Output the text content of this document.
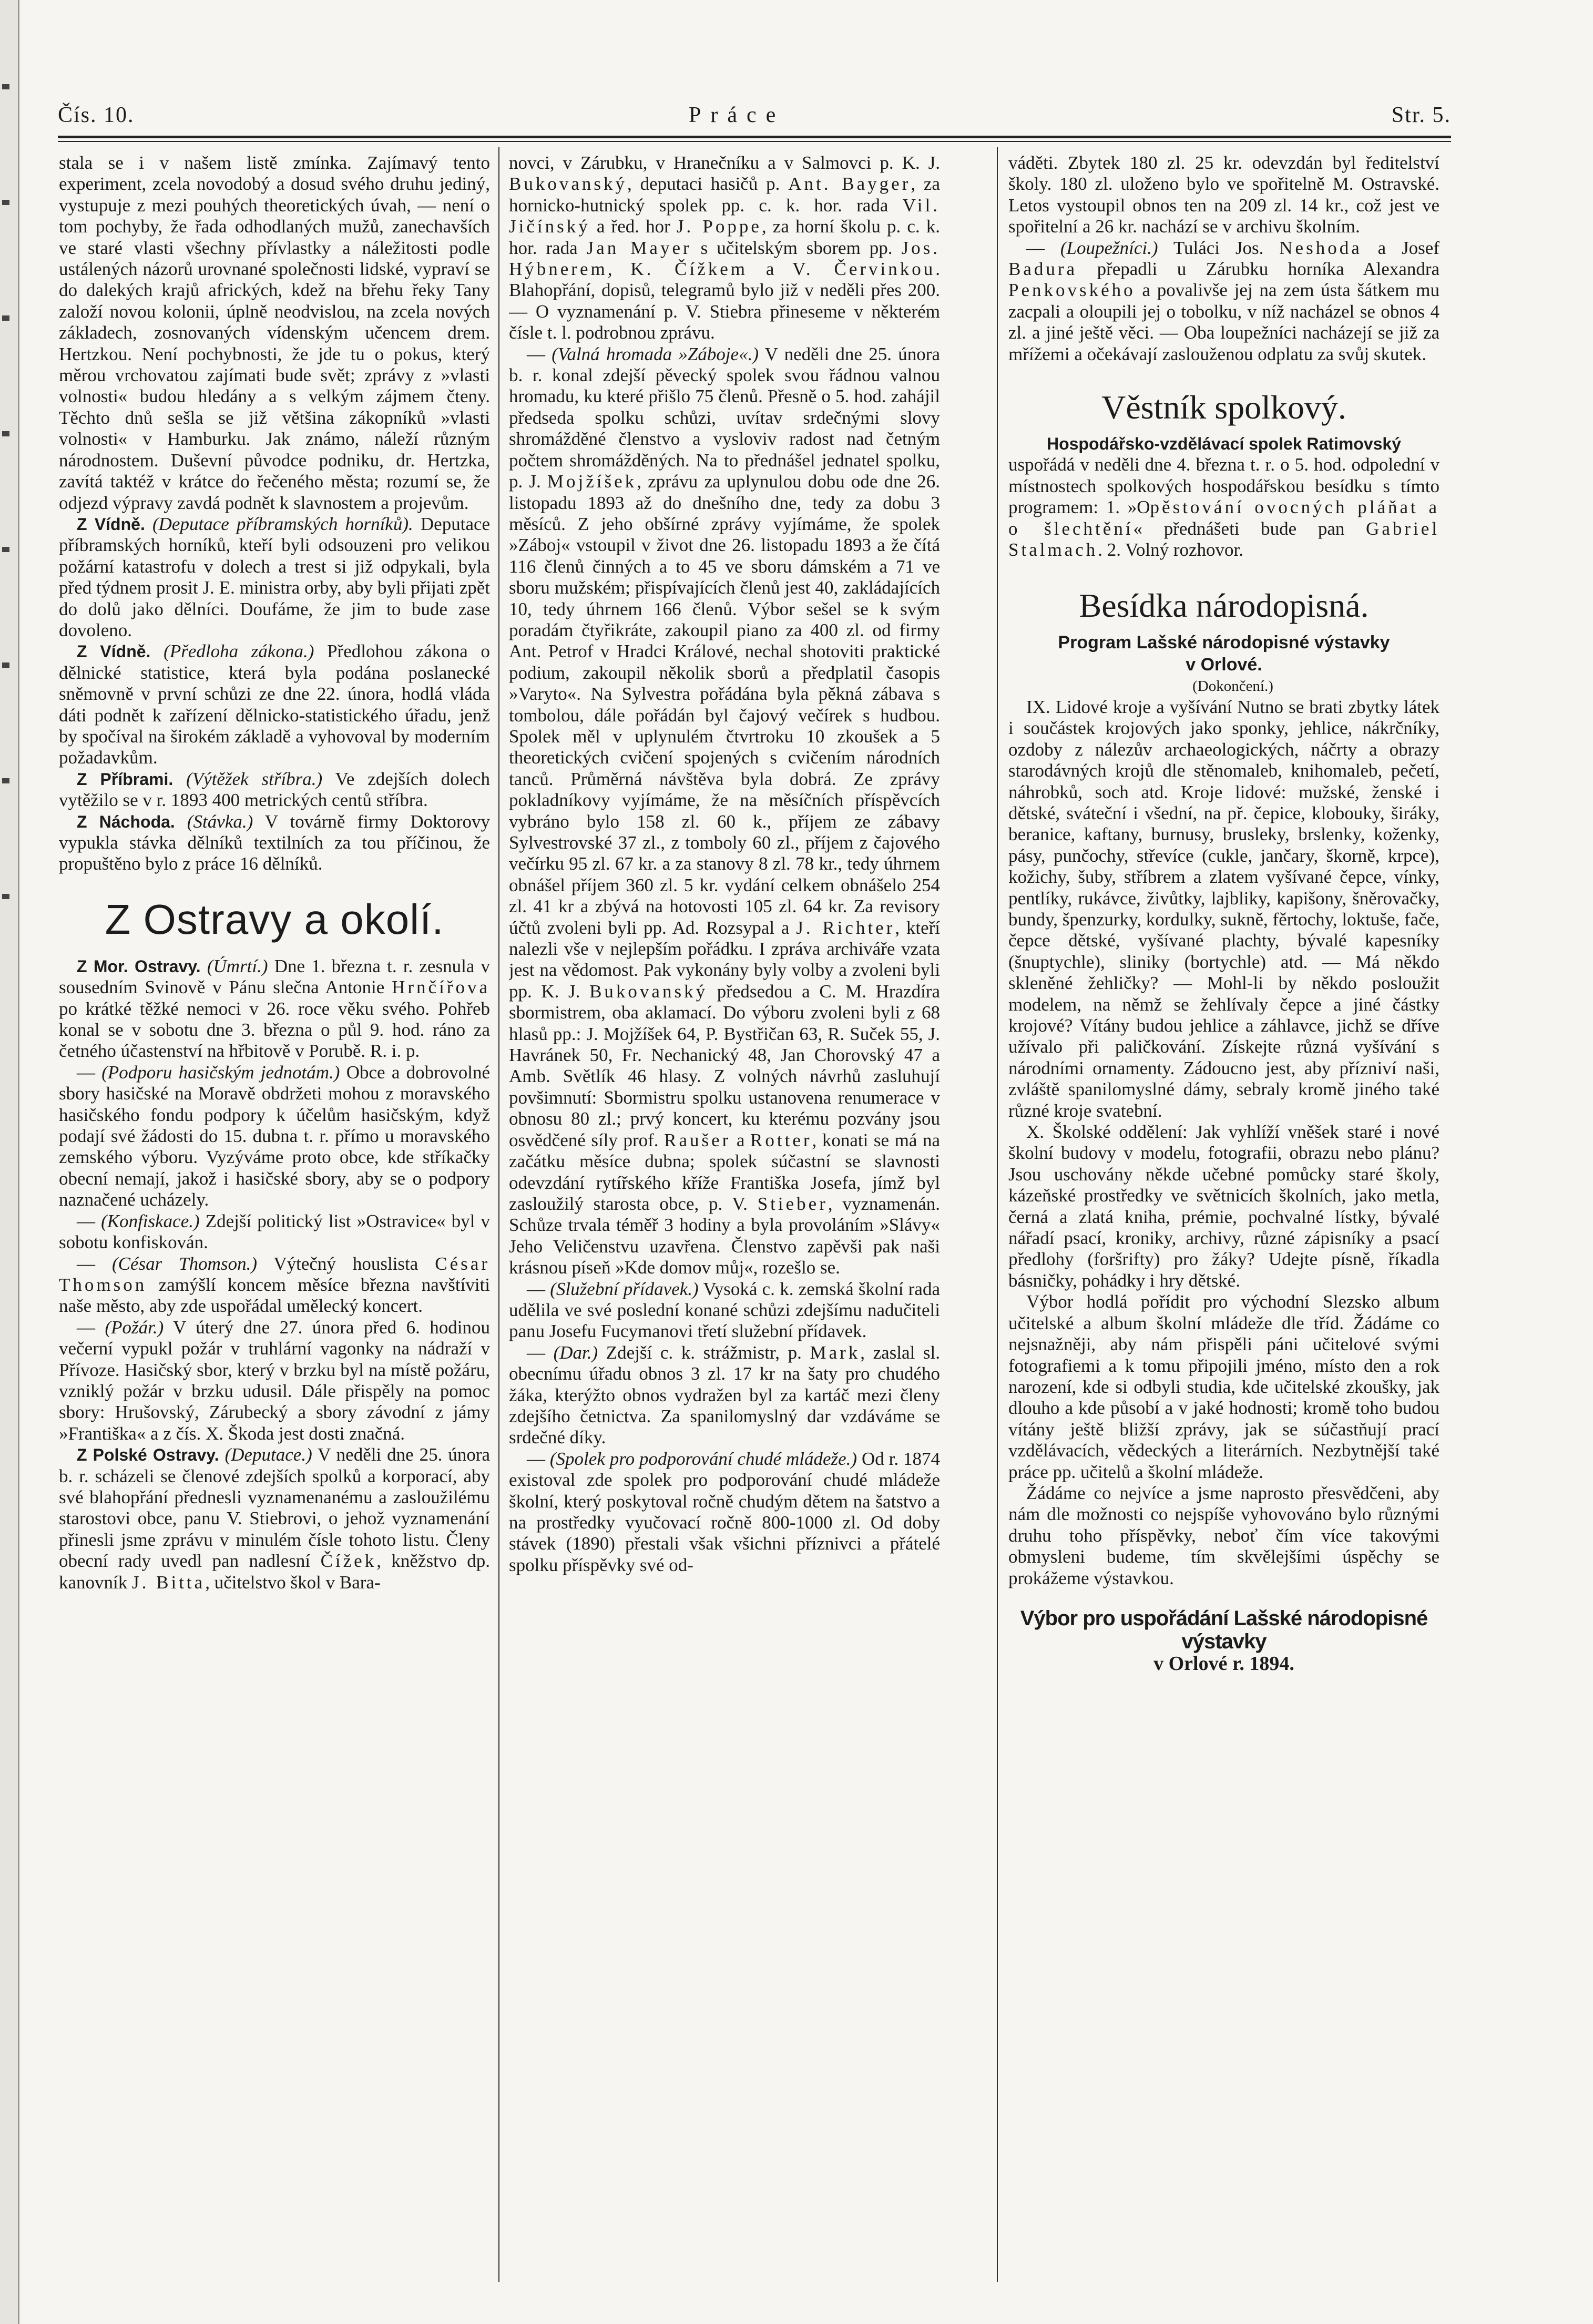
Čís. 10.	Práce	Str. 5.

stala se i v našem listě zmínka. Zajímavý tento experiment, zcela novodobý a dosud svého druhu jediný, vystupuje z mezi pouhých theoretických úvah, — není o tom pochyby, že řada odhodlaných mužů, zanechavších ve staré vlasti všechny přívlastky a náležitosti podle ustálených názorů urovnané společnosti lidské, vypraví se do dalekých krajů afrických, kdež na břehu řeky Tany založí novou kolonii, úplně neodvislou, na zcela nových základech, zosnovaných vídenským učencem drem. Hertzkou. Není pochybnosti, že jde tu o pokus, který měrou vrchovatou zajímati bude svět; zprávy z »vlasti volnosti« budou hledány a s velkým zájmem čteny. Těchto dnů sešla se již většina zákopníků »vlasti volnosti« v Hamburku. Jak známo, náleží různým národnostem. Duševní původce podniku, dr. Hertzka, zavítá taktéž v krátce do řečeného města; rozumí se, že odjezd výpravy zavdá podnět k slavnostem a projevům.

Z Vídně. (Deputace příbramských horníků). Deputace příbramských horníků, kteří byli odsouzeni pro velikou požární katastrofu v dolech a trest si již odpykali, byla před týdnem prosit J. E. ministra orby, aby byli přijati zpět do dolů jako dělníci. Doufáme, že jim to bude zase dovoleno.

Z Vídně. (Předloha zákona.) Předlohou zákona o dělnické statistice, která byla podána poslanecké sněmovně v první schůzi ze dne 22. února, hodlá vláda dáti podnět k zařízení dělnicko-statistického úřadu, jenž by spočíval na širokém základě a vyhovoval by moderním požadavkům.

Z Příbrami. (Výtěžek stříbra.) Ve zdejších dolech vytěžilo se v r. 1893 400 metrických centů stříbra.

Z Náchoda. (Stávka.) V továrně firmy Doktorovy vypukla stávka dělníků textilních za tou příčinou, že propuštěno bylo z práce 16 dělníků.

Z Ostravy a okolí.

Z Mor. Ostravy. (Úmrtí.) Dne 1. března t. r. zesnula v sousedním Svinově v Pánu slečna Antonie Hrnčířova po krátké těžké nemoci v 26. roce věku svého. Pohřeb konal se v sobotu dne 3. března o půl 9. hod. ráno za četného účastenství na hřbitově v Porubě. R. i. p.

— (Podporu hasičským jednotám.) Obce a dobrovolné sbory hasičské na Moravě obdržeti mohou z moravského hasičského fondu podpory k účelům hasičským, když podají své žádosti do 15. dubna t. r. přímo u moravského zemského výboru. Vyzýváme proto obce, kde stříkačky obecní nemají, jakož i hasičské sbory, aby se o podpory naznačené ucházely.

— (Konfiskace.) Zdejší politický list »Ostravice« byl v sobotu konfiskován.

— (César Thomson.) Výtečný houslista César Thomson zamýšlí koncem měsíce března navštíviti naše město, aby zde uspořádal umělecký koncert.

— (Požár.) V úterý dne 27. února před 6. hodinou večerní vypukl požár v truhlární vagonky na nádraží v Přívoze. Hasičský sbor, který v brzku byl na místě požáru, vzniklý požár v brzku udusil. Dále přispěly na pomoc sbory: Hrušovský, Zárubecký a sbory závodní z jámy »Františka« a z čís. X. Škoda jest dosti značná.

Z Polské Ostravy. (Deputace.) V neděli dne 25. února b. r. scházeli se členové zdejších spolků a korporací, aby své blahopřání přednesli vyznamenanému a zasloužilému starostovi obce, panu V. Stiebrovi, o jehož vyznamenání přinesli jsme zprávu v minulém čísle tohoto listu. Členy obecní rady uvedl pan nadlesní Čížek, kněžstvo dp. kanovník J. Bitta, učitelstvo škol v Bara-

novci, v Zárubku, v Hranečníku a v Salmovci p. K. J. Bukovanský, deputaci hasičů p. Ant. Bayger, za hornicko-hutnický spolek pp. c. k. hor. rada Vil. Jičínský a řed. hor J. Poppe, za horní školu p. c. k. hor. rada Jan Mayer s učitelským sborem pp. Jos. Hýbnerem, K. Čížkem a V. Červinkou. Blahopřání, dopisů, telegramů bylo již v neděli přes 200. — O vyznamenání p. V. Stiebra přineseme v některém čísle t. l. podrobnou zprávu.

— (Valná hromada »Záboje«.) V neděli dne 25. února b. r. konal zdejší pěvecký spolek svou řádnou valnou hromadu, ku které přišlo 75 členů. Přesně o 5. hod. zahájil předseda spolku schůzi, uvítav srdečnými slovy shromážděné členstvo a vysloviv radost nad četným počtem shromážděných. Na to přednášel jednatel spolku, p. J. Mojžíšek, zprávu za uplynulou dobu ode dne 26. listopadu 1893 až do dnešního dne, tedy za dobu 3 měsíců. Z jeho obšírné zprávy vyjímáme, že spolek »Záboj« vstoupil v život dne 26. listopadu 1893 a že čítá 116 členů činných a to 45 ve sboru dámském a 71 ve sboru mužském; přispívajících členů jest 40, zakládajících 10, tedy úhrnem 166 členů. Výbor sešel se k svým poradám čtyřikráte, zakoupil piano za 400 zl. od firmy Ant. Petrof v Hradci Králové, nechal shotoviti praktické podium, zakoupil několik sborů a předplatil časopis »Varyto«. Na Sylvestra pořádána byla pěkná zábava s tombolou, dále pořádán byl čajový večírek s hudbou. Spolek měl v uplynulém čtvrtroku 10 zkoušek a 5 theoretických cvičení spojených s cvičením národních tanců. Průměrná návštěva byla dobrá. Ze zprávy pokladníkovy vyjímáme, že na měsíčních příspěvcích vybráno bylo 158 zl. 60 k., příjem ze zábavy Sylvestrovské 37 zl., z tomboly 60 zl., příjem z čajového večírku 95 zl. 67 kr. a za stanovy 8 zl. 78 kr., tedy úhrnem obnášel příjem 360 zl. 5 kr. vydání celkem obnášelo 254 zl. 41 kr a zbývá na hotovosti 105 zl. 64 kr. Za revisory účtů zvoleni byli pp. Ad. Rozsypal a J. Richter, kteří nalezli vše v nejlepším pořádku. I zpráva archiváře vzata jest na vědomost. Pak vykonány byly volby a zvoleni byli pp. K. J. Bukovanský předsedou a C. M. Hrazdíra sbormistrem, oba aklamací. Do výboru zvoleni byli z 68 hlasů pp.: J. Mojžíšek 64, P. Bystřičan 63, R. Suček 55, J. Havránek 50, Fr. Nechanický 48, Jan Chorovský 47 a Amb. Světlík 46 hlasy. Z volných návrhů zasluhují povšimnutí: Sbormistru spolku ustanovena renumerace v obnosu 80 zl.; prvý koncert, ku kterému pozvány jsou osvědčené síly prof. Raušer a Rotter, konati se má na začátku měsíce dubna; spolek súčastní se slavnosti odevzdání rytířského kříže Františka Josefa, jímž byl zasloužilý starosta obce, p. V. Stieber, vyznamenán. Schůze trvala téměř 3 hodiny a byla provoláním »Slávy« Jeho Veličenstvu uzavřena. Členstvo zapěvši pak naši krásnou píseň »Kde domov můj«, rozešlo se.

— (Služební přídavek.) Vysoká c. k. zemská školní rada udělila ve své poslední konané schůzi zdejšímu nadučiteli panu Josefu Fucymanovi třetí služební přídavek.

— (Dar.) Zdejší c. k. strážmistr, p. Mark, zaslal sl. obecnímu úřadu obnos 3 zl. 17 kr na šaty pro chudého žáka, kterýžto obnos vydražen byl za kartáč mezi členy zdejšího četnictva. Za spanilomyslný dar vzdáváme se srdečné díky.

— (Spolek pro podporování chudé mládeže.) Od r. 1874 existoval zde spolek pro podporování chudé mládeže školní, který poskytoval ročně chudým dětem na šatstvo a na prostředky vyučovací ročně 800-1000 zl. Od doby stávek (1890) přestali však všichni příznivci a přátelé spolku příspěvky své od-

váděti. Zbytek 180 zl. 25 kr. odevzdán byl ředitelství školy. 180 zl. uloženo bylo ve spořitelně M. Ostravské. Letos vystoupil obnos ten na 209 zl. 14 kr., což jest ve spořitelní a 26 kr. nachází se v archivu školním.

— (Loupežníci.) Tuláci Jos. Neshoda a Josef Badura přepadli u Zárubku horníka Alexandra Penkovského a povalivše jej na zem ústa šátkem mu zacpali a oloupili jej o tobolku, v níž nacházel se obnos 4 zl. a jiné ještě věci. — Oba loupežníci nacházejí se již za mřížemi a očekávají zaslouženou odplatu za svůj skutek.

Věstník spolkový.

Hospodářsko-vzdělávací spolek Ratimovský

uspořádá v neděli dne 4. března t. r. o 5. hod. odpolední v místnostech spolkových hospodářskou besídku s tímto programem: 1. »Opěstování ovocných pláňat a o šlechtění« přednášeti bude pan Gabriel Stalmach. 2. Volný rozhovor.

Besídka národopisná.
Program Lašské národopisné výstavky
v Orlové.

(Dokončení.)

IX. Lidové kroje a vyšívání Nutno se brati zbytky látek i součástek krojových jako sponky, jehlice, nákrčníky, ozdoby z nálezův archaeologických, náčrty a obrazy starodávných krojů dle stěnomaleb, knihomaleb, pečetí, náhrobků, soch atd. Kroje lidové: mužské, ženské i dětské, sváteční i všední, na př. čepice, klobouky, širáky, beranice, kaftany, burnusy, brusleky, brslenky, koženky, pásy, punčochy, střevíce (cukle, jančary, škorně, krpce), kožichy, šuby, stříbrem a zlatem vyšívané čepce, vínky, pentlíky, rukávce, živůtky, lajbliky, kapišony, šněrovačky, bundy, špenzurky, kordulky, sukně, fěrtochy, loktuše, fače, čepce dětské, vyšívané plachty, bývalé kapesníky (šnuptychle), sliniky (bortychle) atd. — Má někdo skleněné žehličky? — Mohl-li by někdo posloužit modelem, na němž se žehlívaly čepce a jiné částky krojové? Vítány budou jehlice a záhlavce, jichž se dříve užívalo při paličkování. Získejte různá vyšívání s národními ornamenty. Zádoucno jest, aby přízniví naši, zvláště spanilomyslné dámy, sebraly kromě jiného také různé kroje svatební.

X. Školské oddělení: Jak vyhlíží vněšek staré i nové školní budovy v modelu, fotografii, obrazu nebo plánu? Jsou uschovány někde učebné pomůcky staré školy, kázeňské prostředky ve světnicích školních, jako metla, černá a zlatá kniha, prémie, pochvalné lístky, bývalé nářadí psací, kroniky, archivy, různé zápisníky a psací předlohy (foršrifty) pro žáky? Udejte písně, říkadla básničky, pohádky i hry dětské.

Výbor hodlá pořídit pro východní Slezsko album učitelské a album školní mládeže dle tříd. Žádáme co nejsnažněji, aby nám přispěli páni učitelové svými fotografiemi a k tomu připojili jméno, místo den a rok narození, kde si odbyli studia, kde učitelské zkoušky, jak dlouho a kde působí a v jaké hodnosti; kromě toho budou vítány ještě bližší zprávy, jak se súčastňují prací vzdělávacích, vědeckých a literárních. Nezbytnější také práce pp. učitelů a školní mládeže.

Žádáme co nejvíce a jsme naprosto přesvědčeni, aby nám dle možnosti co nejspíše vyhovováno bylo různými druhu toho příspěvky, neboť čím více takovými obmysleni budeme, tím skvělejšími úspěchy se prokážeme výstavkou.

Výbor pro uspořádání Lašské národopisné výstavky
v Orlové r. 1894.
